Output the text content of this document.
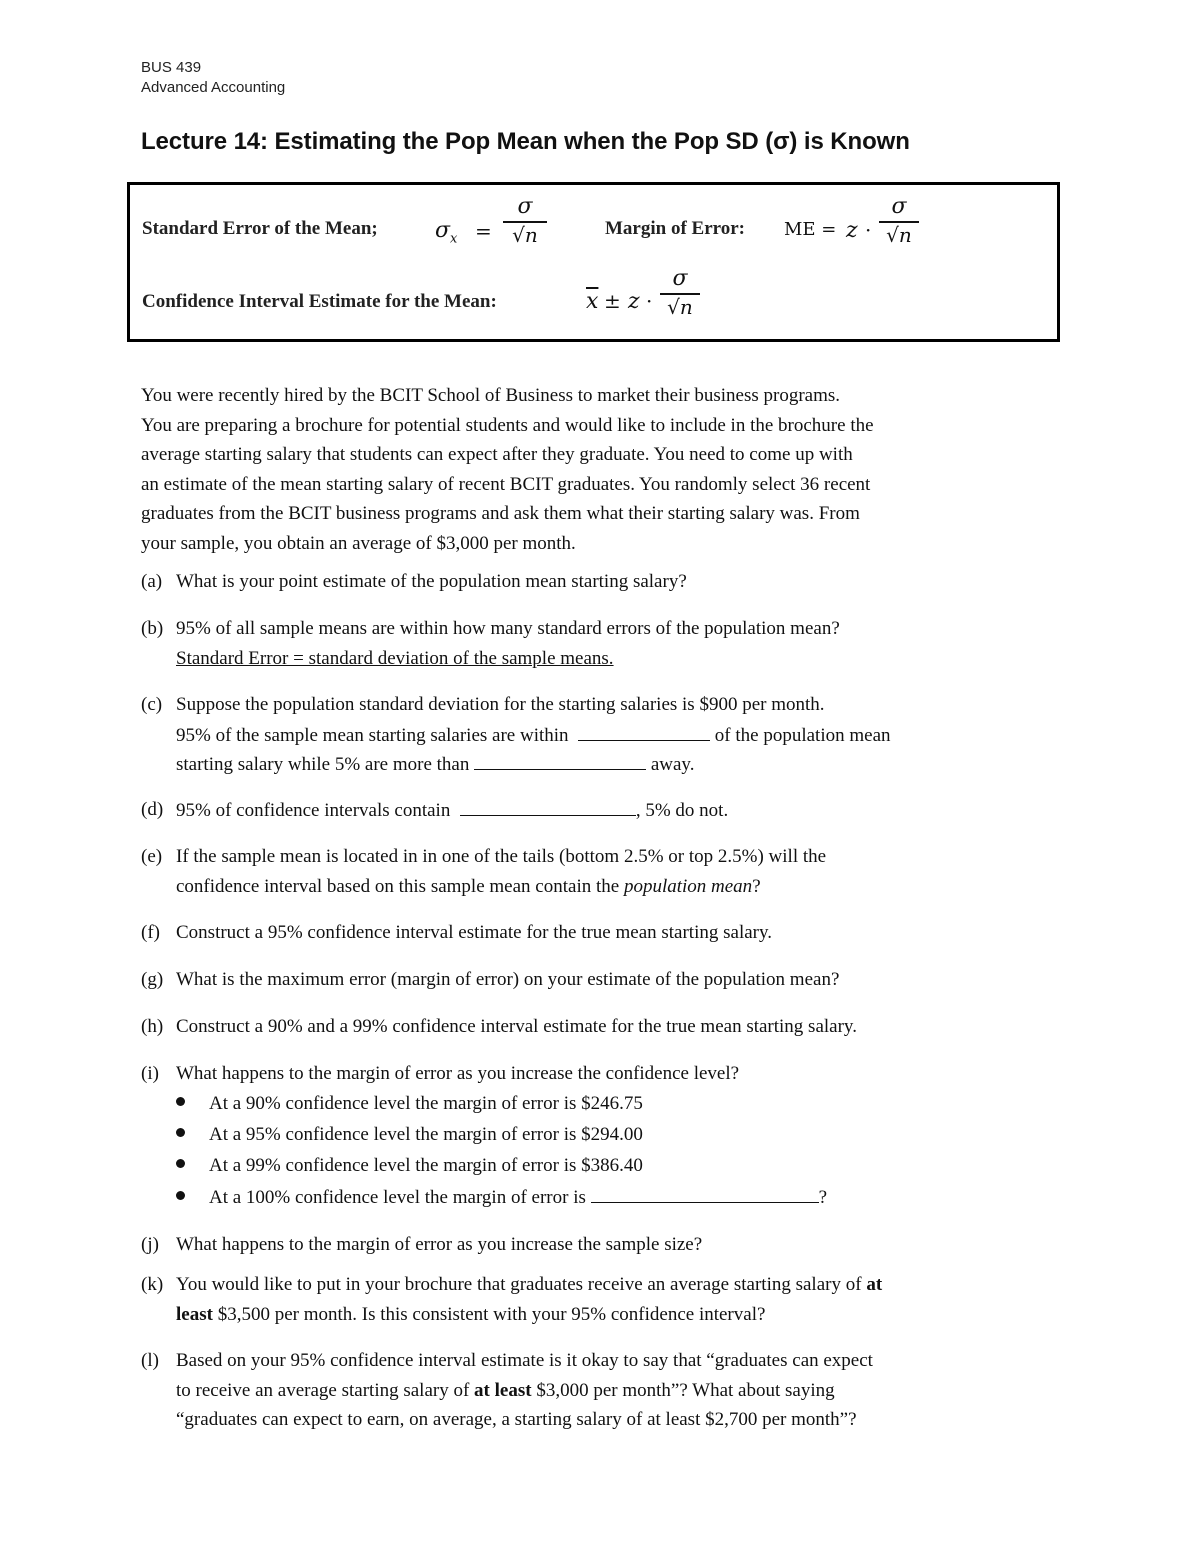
BUS 439
Advanced Accounting
Lecture 14: Estimating the Pop Mean when the Pop SD (σ) is Known
Standard Error of the Mean;	$\sigma_x$ =
σ
√n	Margin of Error: ME = z ·
σ
√n
Confidence Interval Estimate for the Mean:	$\overline{x} \pm z$ ·
σ
√n

You were recently hired by the BCIT School of Business to market their business programs.

You are preparing a brochure for potential students and would like to include in the brochure the

average starting salary that students can expect after they graduate. You need to come up with

an estimate of the mean starting salary of recent BCIT graduates. You randomly select 36 recent

graduates from the BCIT business programs and ask them what their starting salary was. From

your sample, you obtain an average of $3,000 per month.

(a) What is your point estimate of the population mean starting salary?
(b) 95% of all sample means are within how many standard errors of the population mean?
Standard Error = standard deviation of the sample means.
(c) Suppose the population standard deviation for the starting salaries is $900 per month.
95% of the sample mean starting salaries are within	of the population mean
starting salary while 5% are more than	away.
(d) 95% of confidence intervals contain	, 5% do not.
(e) If the sample mean is located in in one of the tails (bottom 2.5% or top 2.5%) will the
confidence interval based on this sample mean contain the population mean?
(f) Construct a 95% confidence interval estimate for the true mean starting salary.
(g) What is the maximum error (margin of error) on your estimate of the population mean?
(h) Construct a 90% and a 99% confidence interval estimate for the true mean starting salary.
(i) What happens to the margin of error as you increase the confidence level?
At a 90% confidence level the margin of error is $246.75
At a 95% confidence level the margin of error is $294.00
At a 99% confidence level the margin of error is $386.40
At a 100% confidence level the margin of error is	?
(j) What happens to the margin of error as you increase the sample size?
(k) You would like to put in your brochure that graduates receive an average starting salary of at
least $3,500 per month. Is this consistent with your 95% confidence interval?
(l) Based on your 95% confidence interval estimate is it okay to say that “graduates can expect
to receive an average starting salary of at least $3,000 per month”? What about saying
“graduates can expect to earn, on average, a starting salary of at least $2,700 per month”?
